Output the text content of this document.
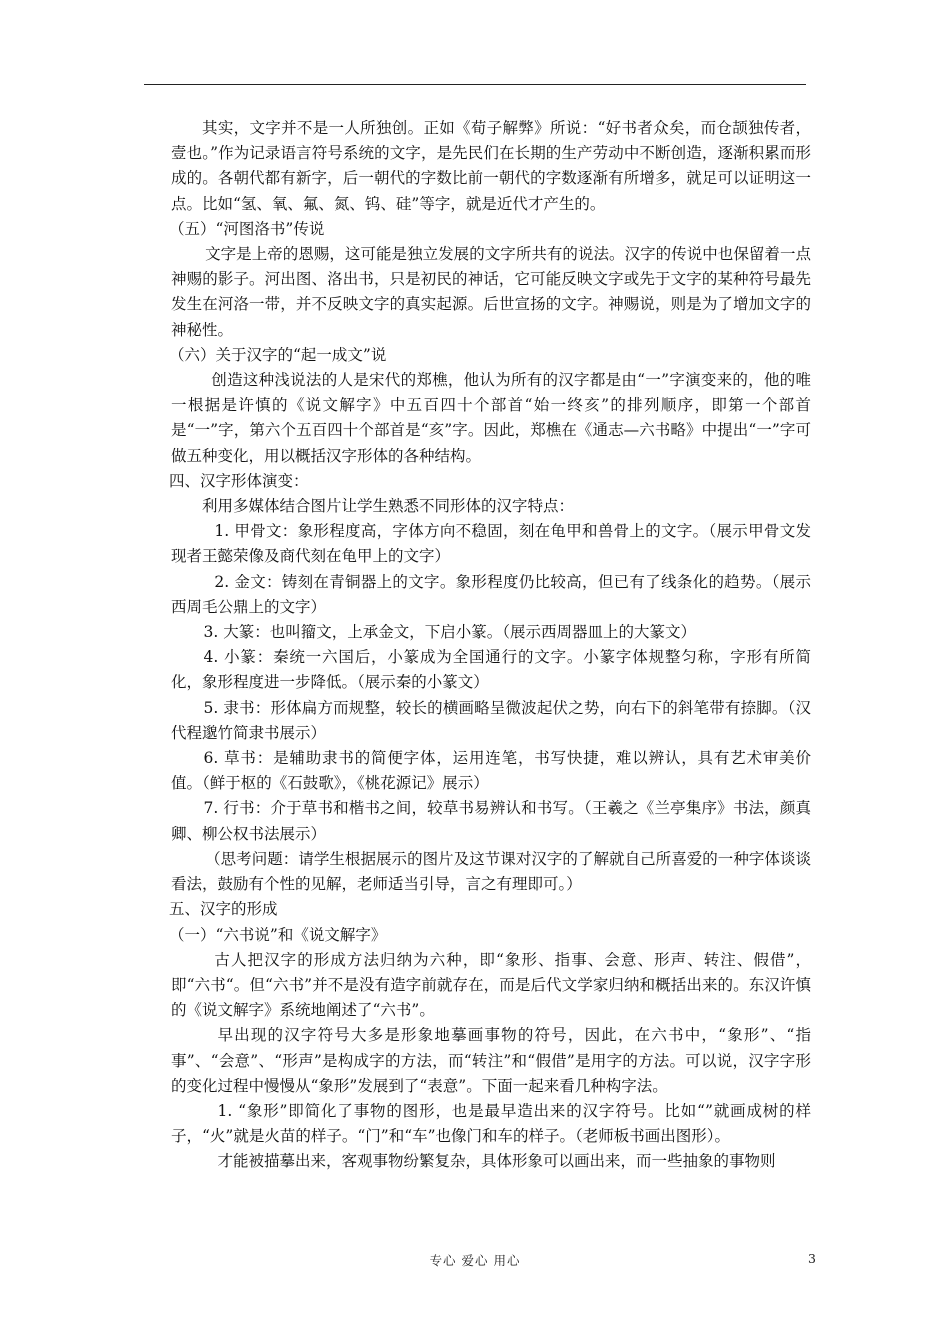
其实，文字并不是一人所独创。正如《荀子解弊》所说：“好书者众矣，而仓颉独传者，壹也。”作为记录语言符号系统的文字，是先民们在长期的生产劳动中不断创造，逐渐积累而形成的。各朝代都有新字，后一朝代的字数比前一朝代的字数逐渐有所增多，就足可以证明这一点。比如“氢、氧、氟、氮、钨、硅”等字，就是近代才产生的。

（五）“河图洛书”传说

文字是上帝的恩赐，这可能是独立发展的文字所共有的说法。汉字的传说中也保留着一点神赐的影子。河出图、洛出书，只是初民的神话，它可能反映文字或先于文字的某种符号最先发生在河洛一带，并不反映文字的真实起源。后世宣扬的文字。神赐说，则是为了增加文字的神秘性。

（六）关于汉字的“起一成文”说

创造这种浅说法的人是宋代的郑樵，他认为所有的汉字都是由“一”字演变来的，他的唯一根据是许慎的《说文解字》中五百四十个部首“始一终亥”的排列顺序，即第一个部首是“一”字，第六个五百四十个部首是“亥”字。因此，郑樵在《通志—六书略》中提出“一”字可做五种变化，用以概括汉字形体的各种结构。

四、汉字形体演变：

利用多媒体结合图片让学生熟悉不同形体的汉字特点：

1. 甲骨文：象形程度高，字体方向不稳固，刻在龟甲和兽骨上的文字。（展示甲骨文发现者王懿荣像及商代刻在龟甲上的文字）

2. 金文：铸刻在青铜器上的文字。象形程度仍比较高，但已有了线条化的趋势。（展示西周毛公鼎上的文字）

3. 大篆：也叫籀文，上承金文，下启小篆。（展示西周器皿上的大篆文）

4. 小篆：秦统一六国后，小篆成为全国通行的文字。小篆字体规整匀称，字形有所简化，象形程度进一步降低。（展示秦的小篆文）

5. 隶书：形体扁方而规整，较长的横画略呈微波起伏之势，向右下的斜笔带有捺脚。（汉代程邈竹简隶书展示）

6. 草书：是辅助隶书的简便字体，运用连笔，书写快捷，难以辨认，具有艺术审美价值。（鲜于枢的《石鼓歌》，《桃花源记》展示）

7. 行书：介于草书和楷书之间，较草书易辨认和书写。（王羲之《兰亭集序》书法，颜真卿、柳公权书法展示）

（思考问题：请学生根据展示的图片及这节课对汉字的了解就自己所喜爱的一种字体谈谈看法，鼓励有个性的见解，老师适当引导，言之有理即可。）

五、汉字的形成

（一）“六书说”和《说文解字》

古人把汉字的形成方法归纳为六种，即“象形、指事、会意、形声、转注、假借”，即“六书“。但“六书”并不是没有造字前就存在，而是后代文学家归纳和概括出来的。东汉许慎的《说文解字》系统地阐述了“六书”。

早出现的汉字符号大多是形象地摹画事物的符号，因此，在六书中，“象形”、“指事”、“会意”、“形声”是构成字的方法，而“转注”和“假借”是用字的方法。可以说，汉字字形的变化过程中慢慢从“象形”发展到了“表意”。下面一起来看几种构字法。

1. “象形”即简化了事物的图形，也是最早造出来的汉字符号。比如“”就画成树的样子，“火”就是火苗的样子。“门”和“车”也像门和车的样子。（老师板书画出图形）。

才能被描摹出来，客观事物纷繁复杂，具体形象可以画出来，而一些抽象的事物则

专心 爱心 用心	3
